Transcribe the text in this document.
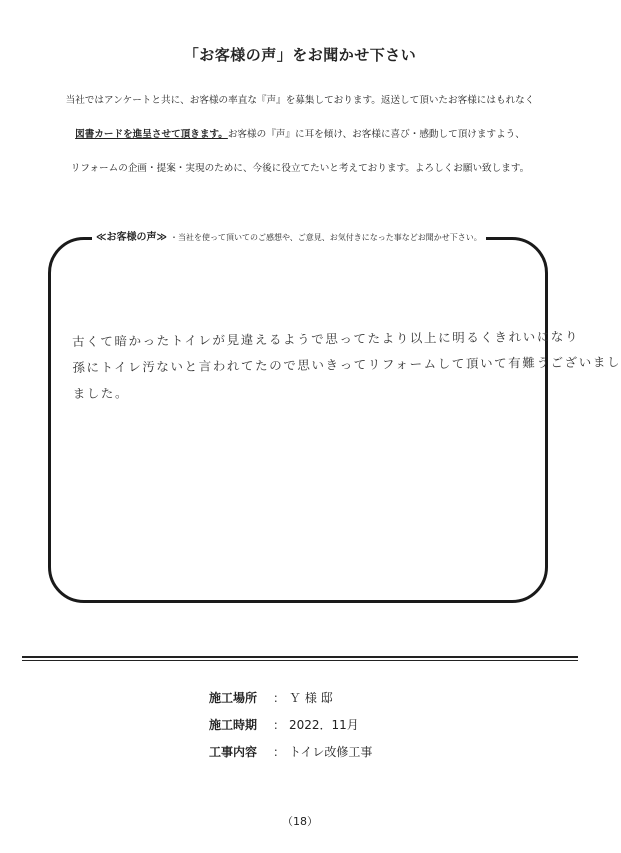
「お客様の声」をお聞かせ下さい
当社ではアンケートと共に、お客様の率直な『声』を募集しております。返送して頂いたお客様にはもれなく
図書カードを進呈させて頂きます。お客様の『声』に耳を傾け、お客様に喜び・感動して頂けますよう、
リフォームの企画・提案・実現のために、今後に役立てたいと考えております。よろしくお願い致します。
≪お客様の声≫ ・当社を使って頂いてのご感想や、ご意見、お気付きになった事などお聞かせ下さい。
古くて暗かったトイレが見違えるようで思ってたより以上に明るくきれいになり
孫にトイレ汚ないと言われてたので思いきってリフォームして頂いて有難うございまし
ました。
施工場所 ： Ｙ 様 邸
施工時期 ： 2022．11月
工事内容 ： トイレ改修工事
（18）
